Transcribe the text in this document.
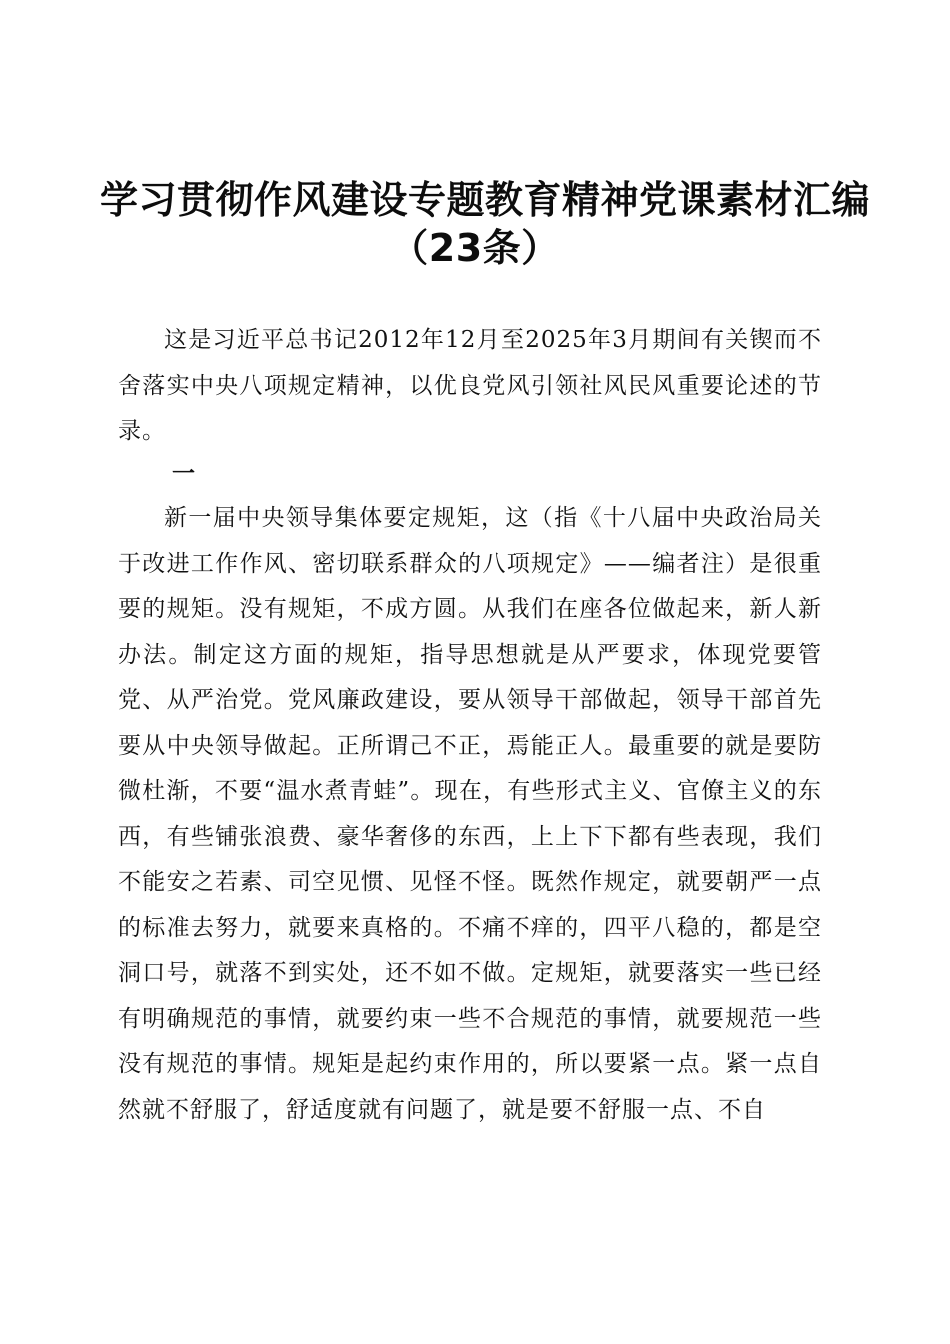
学习贯彻作风建设专题教育精神党课素材汇编
（23条）

这是习近平总书记2012年12月至2025年3月期间有关锲而不舍落实中央八项规定精神，以优良党风引领社风民风重要论述的节录。

一

新一届中央领导集体要定规矩，这（指《十八届中央政治局关于改进工作作风、密切联系群众的八项规定》——编者注）是很重要的规矩。没有规矩，不成方圆。从我们在座各位做起来，新人新办法。制定这方面的规矩，指导思想就是从严要求，体现党要管党、从严治党。党风廉政建设，要从领导干部做起，领导干部首先要从中央领导做起。正所谓己不正，焉能正人。最重要的就是要防微杜渐，不要“温水煮青蛙”。现在，有些形式主义、官僚主义的东西，有些铺张浪费、豪华奢侈的东西，上上下下都有些表现，我们不能安之若素、司空见惯、见怪不怪。既然作规定，就要朝严一点的标准去努力，就要来真格的。不痛不痒的，四平八稳的，都是空洞口号，就落不到实处，还不如不做。定规矩，就要落实一些已经有明确规范的事情，就要约束一些不合规范的事情，就要规范一些没有规范的事情。规矩是起约束作用的，所以要紧一点。紧一点自然就不舒服了，舒适度就有问题了，就是要不舒服一点、不自
